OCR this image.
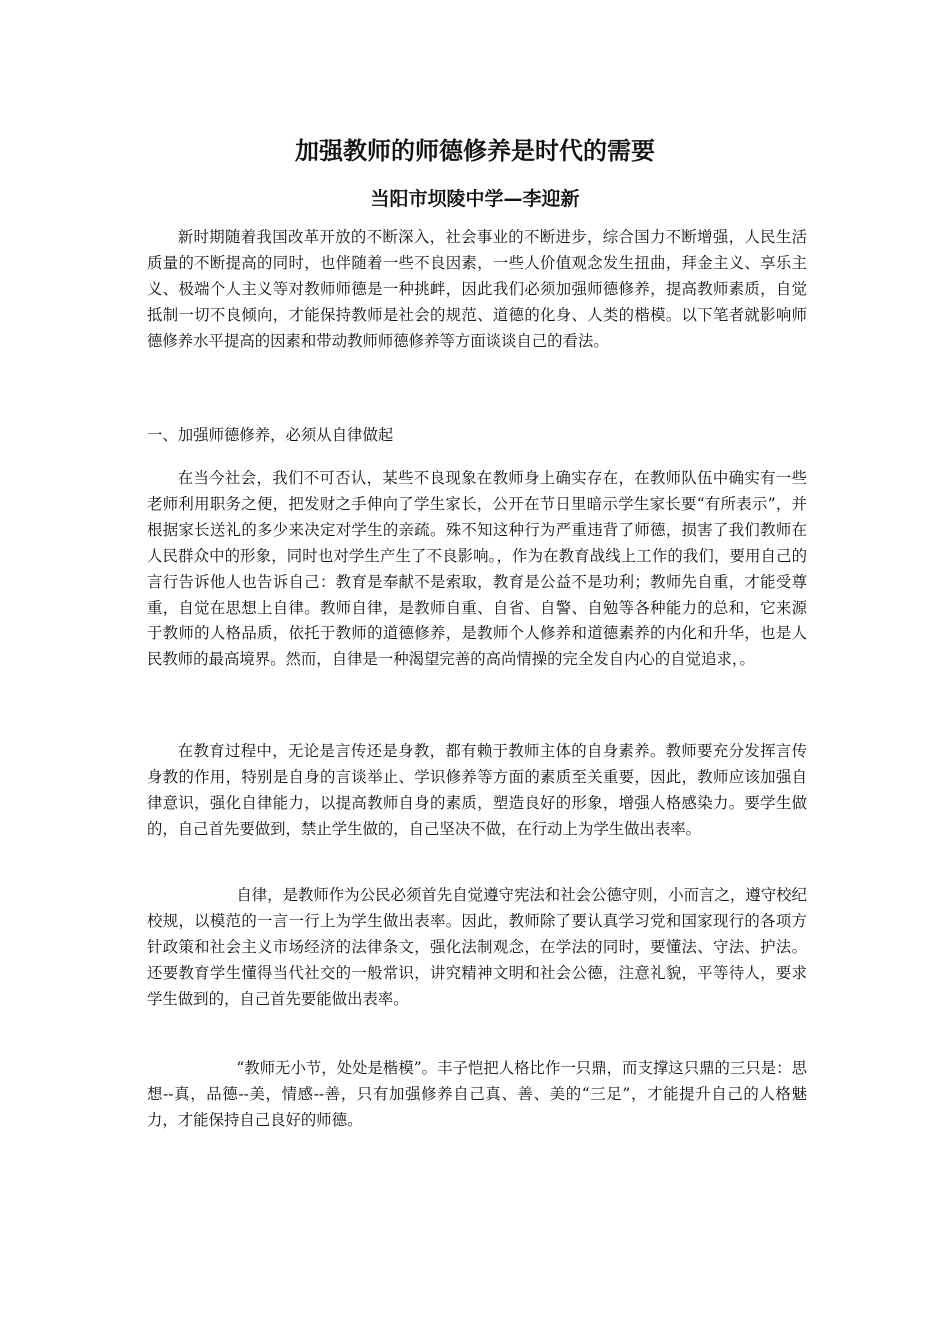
加强教师的师德修养是时代的需要
当阳市坝陵中学—李迎新

新时期随着我国改革开放的不断深入，社会事业的不断进步，综合国力不断增强，人民生活质量的不断提高的同时，也伴随着一些不良因素，一些人价值观念发生扭曲，拜金主义、享乐主义、极端个人主义等对教师师德是一种挑衅，因此我们必须加强师德修养，提高教师素质，自觉抵制一切不良倾向，才能保持教师是社会的规范、道德的化身、人类的楷模。以下笔者就影响师德修养水平提高的因素和带动教师师德修养等方面谈谈自己的看法。

一、加强师德修养，必须从自律做起

在当今社会，我们不可否认，某些不良现象在教师身上确实存在，在教师队伍中确实有一些老师利用职务之便，把发财之手伸向了学生家长，公开在节日里暗示学生家长要“有所表示”，并根据家长送礼的多少来决定对学生的亲疏。殊不知这种行为严重违背了师德，损害了我们教师在人民群众中的形象，同时也对学生产生了不良影响。，作为在教育战线上工作的我们，要用自己的言行告诉他人也告诉自己：教育是奉献不是索取，教育是公益不是功利；教师先自重，才能受尊重，自觉在思想上自律。教师自律，是教师自重、自省、自警、自勉等各种能力的总和，它来源于教师的人格品质，依托于教师的道德修养，是教师个人修养和道德素养的内化和升华，也是人民教师的最高境界。然而，自律是一种渴望完善的高尚情操的完全发自内心的自觉追求，。

在教育过程中，无论是言传还是身教，都有赖于教师主体的自身素养。教师要充分发挥言传身教的作用，特别是自身的言谈举止、学识修养等方面的素质至关重要，因此，教师应该加强自律意识，强化自律能力，以提高教师自身的素质，塑造良好的形象，增强人格感染力。要学生做的，自己首先要做到，禁止学生做的，自己坚决不做，在行动上为学生做出表率。

自律，是教师作为公民必须首先自觉遵守宪法和社会公德守则，小而言之，遵守校纪校规，以模范的一言一行上为学生做出表率。因此，教师除了要认真学习党和国家现行的各项方针政策和社会主义市场经济的法律条文，强化法制观念，在学法的同时，要懂法、守法、护法。还要教育学生懂得当代社交的一般常识，讲究精神文明和社会公德，注意礼貌，平等待人，要求学生做到的，自己首先要能做出表率。

“教师无小节，处处是楷模”。丰子恺把人格比作一只鼎，而支撑这只鼎的三只是：思想--真，品德--美，情感--善，只有加强修养自己真、善、美的“三足”，才能提升自己的人格魅力，才能保持自己良好的师德。
